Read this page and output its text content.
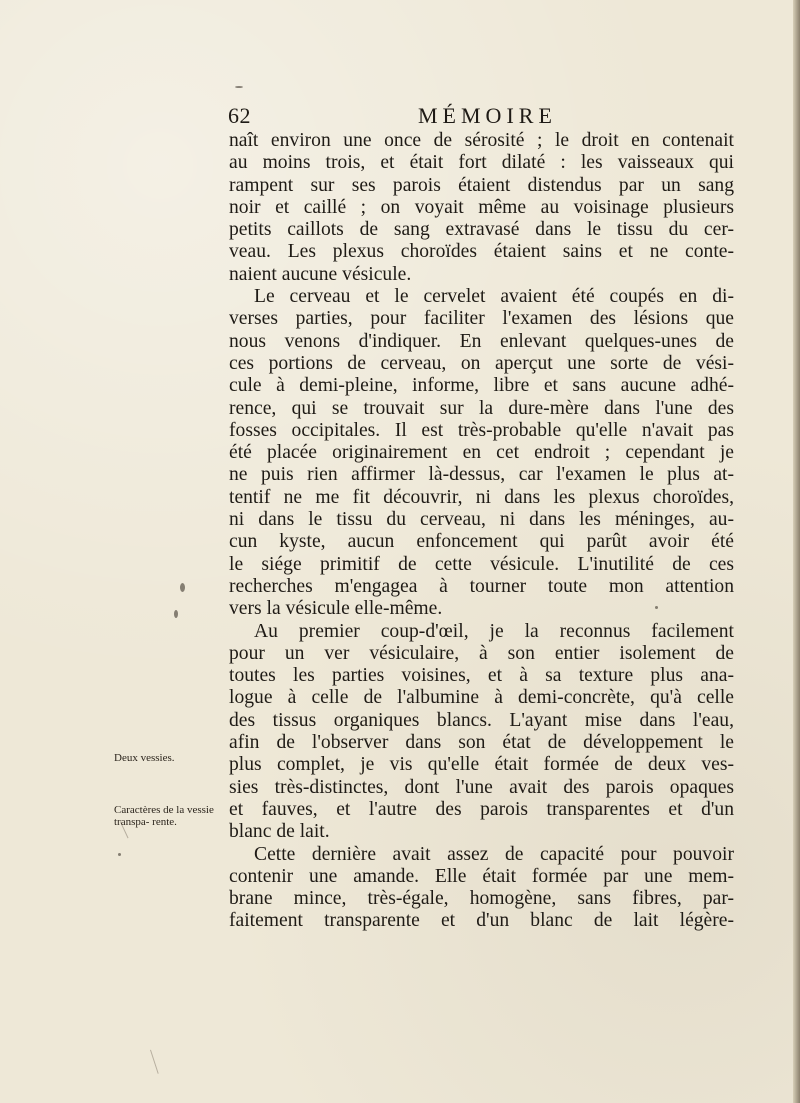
62	MÉMOIRE
Deux vessies.
Caractères de la vessie transpa- rente.
naît environ une once de sérosité ; le droit en contenait
au moins trois, et était fort dilaté : les vaisseaux qui
rampent sur ses parois étaient distendus par un sang
noir et caillé ; on voyait même au voisinage plusieurs
petits caillots de sang extravasé dans le tissu du cer-
veau. Les plexus choroïdes étaient sains et ne conte-
naient aucune vésicule.
Le cerveau et le cervelet avaient été coupés en di-
verses parties, pour faciliter l'examen des lésions que
nous venons d'indiquer. En enlevant quelques-unes de
ces portions de cerveau, on aperçut une sorte de vési-
cule à demi-pleine, informe, libre et sans aucune adhé-
rence, qui se trouvait sur la dure-mère dans l'une des
fosses occipitales. Il est très-probable qu'elle n'avait pas
été placée originairement en cet endroit ; cependant je
ne puis rien affirmer là-dessus, car l'examen le plus at-
tentif ne me fit découvrir, ni dans les plexus choroïdes,
ni dans le tissu du cerveau, ni dans les méninges, au-
cun kyste, aucun enfoncement qui parût avoir été
le siége primitif de cette vésicule. L'inutilité de ces
recherches m'engagea à tourner toute mon attention
vers la vésicule elle-même.
Au premier coup-d'œil, je la reconnus facilement
pour un ver vésiculaire, à son entier isolement de
toutes les parties voisines, et à sa texture plus ana-
logue à celle de l'albumine à demi-concrète, qu'à celle
des tissus organiques blancs. L'ayant mise dans l'eau,
afin de l'observer dans son état de développement le
plus complet, je vis qu'elle était formée de deux ves-
sies très-distinctes, dont l'une avait des parois opaques
et fauves, et l'autre des parois transparentes et d'un
blanc de lait.
Cette dernière avait assez de capacité pour pouvoir
contenir une amande. Elle était formée par une mem-
brane mince, très-égale, homogène, sans fibres, par-
faitement transparente et d'un blanc de lait légère-
